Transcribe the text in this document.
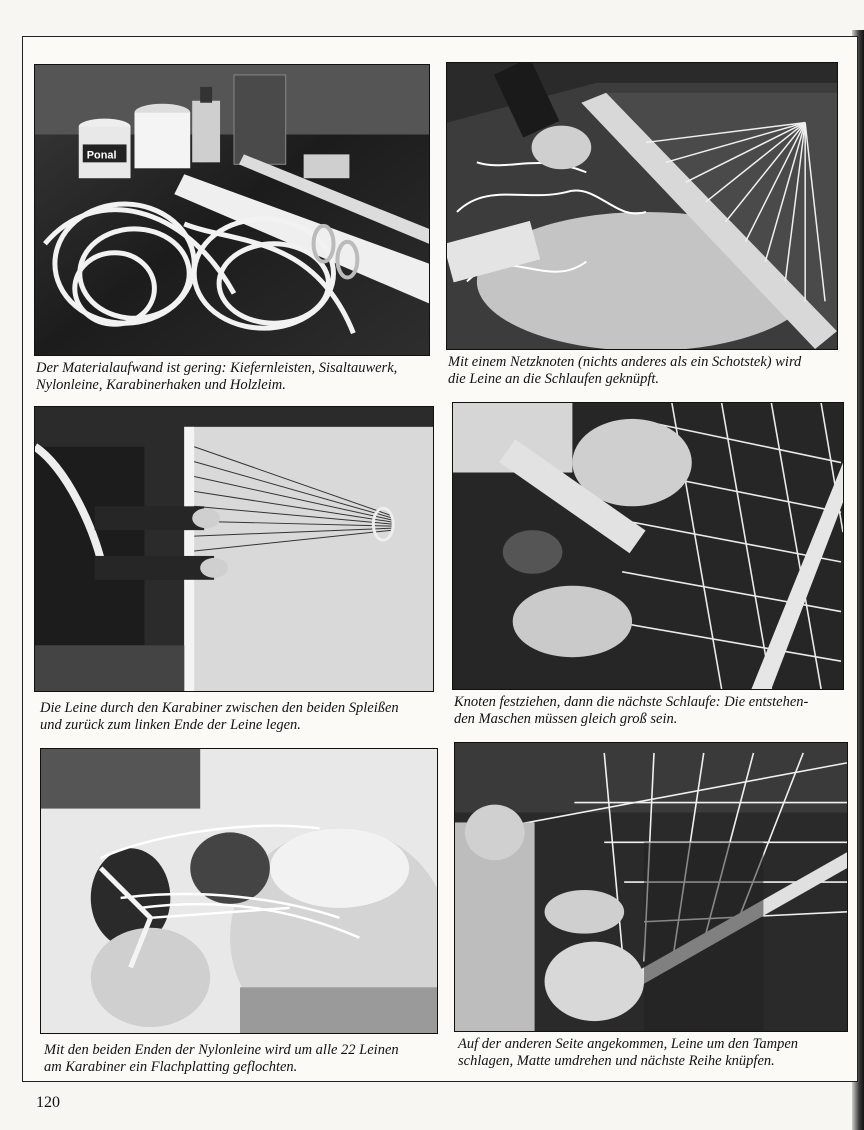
Ponal

Der Materialaufwand ist gering: Kiefernleisten, Sisaltauwerk,
Nylonleine, Karabinerhaken und Holzleim.

Mit einem Netzknoten (nichts anderes als ein Schotstek) wird
die Leine an die Schlaufen geknüpft.

Die Leine durch den Karabiner zwischen den beiden Spleißen
und zurück zum linken Ende der Leine legen.

Knoten festziehen, dann die nächste Schlaufe: Die entstehen-
den Maschen müssen gleich groß sein.

Mit den beiden Enden der Nylonleine wird um alle 22 Leinen
am Karabiner ein Flachplatting geflochten.

Auf der anderen Seite angekommen, Leine um den Tampen
schlagen, Matte umdrehen und nächste Reihe knüpfen.

120
